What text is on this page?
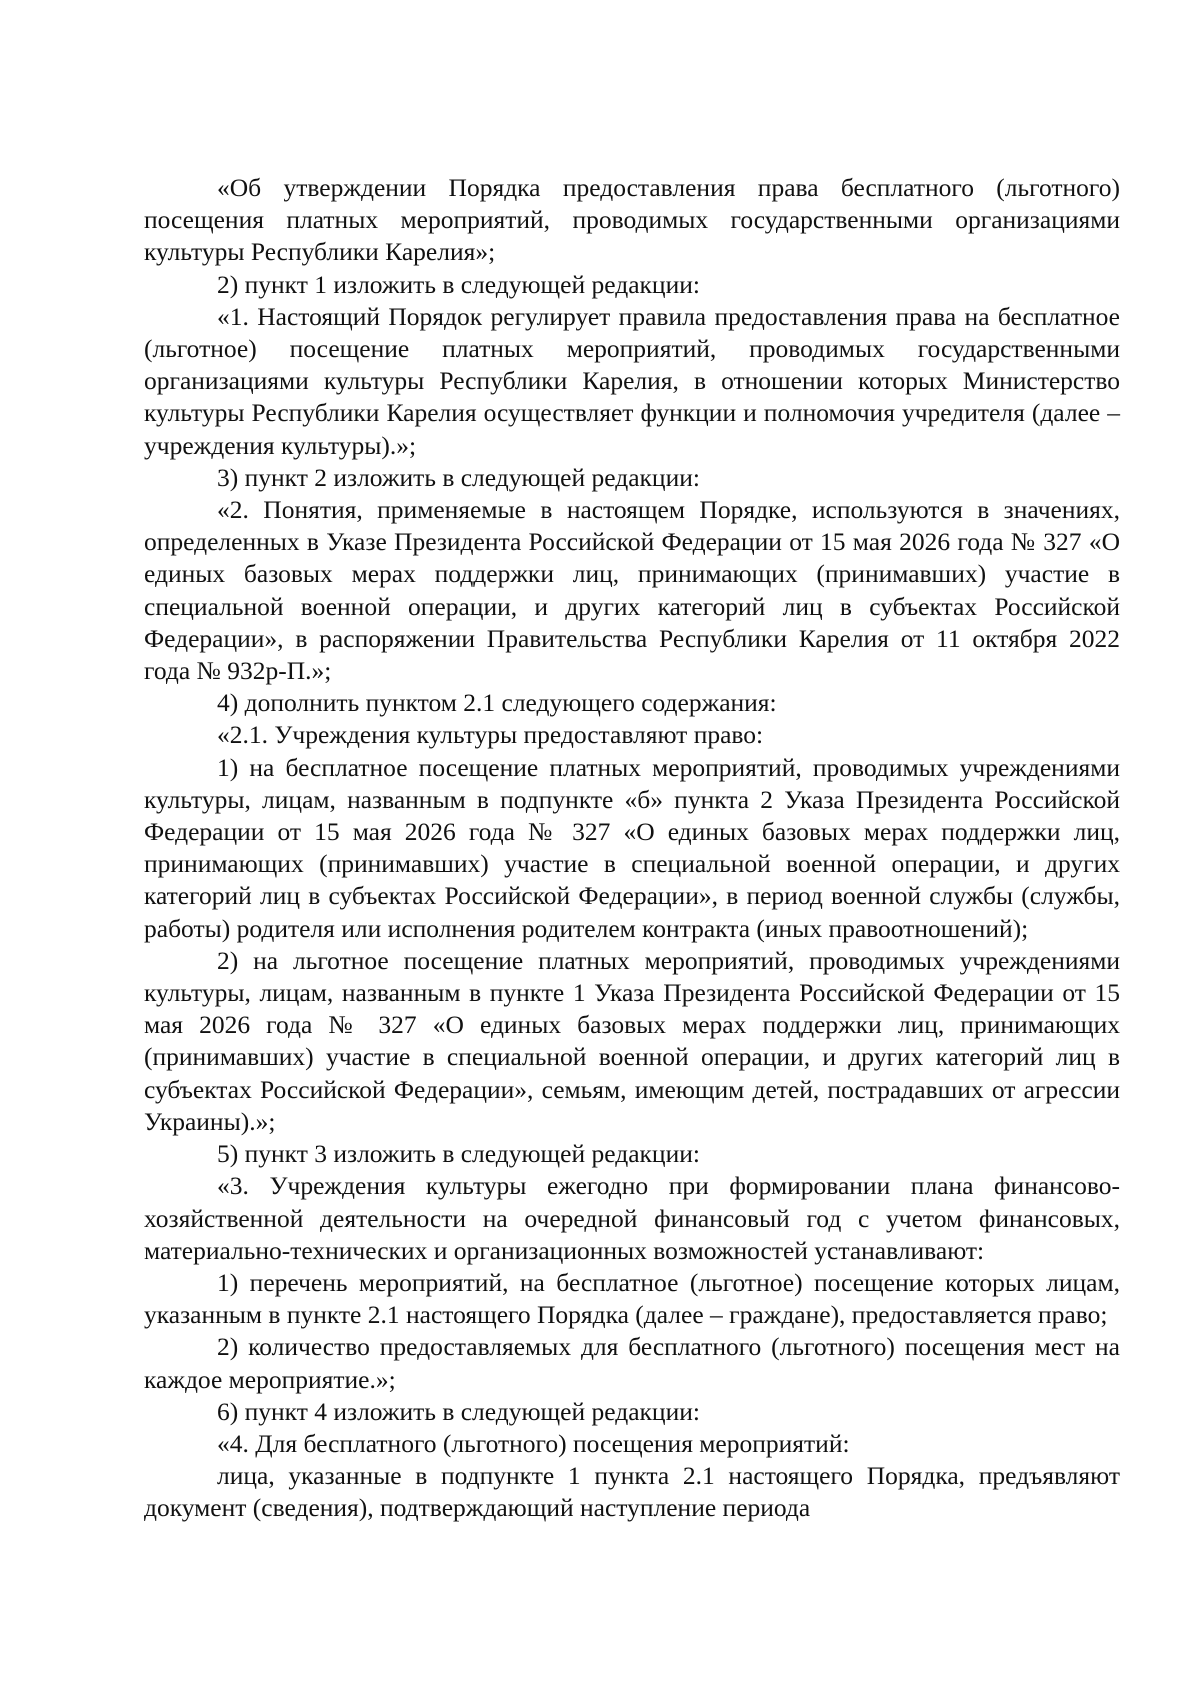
«Об утверждении Порядка предоставления права бесплатного (льготного) посещения платных мероприятий, проводимых государственными организациями культуры Республики Карелия»;

2) пункт 1 изложить в следующей редакции:

«1. Настоящий Порядок регулирует правила предоставления права на бесплатное (льготное) посещение платных мероприятий, проводимых государственными организациями культуры Республики Карелия, в отношении которых Министерство культуры Республики Карелия осуществляет функции и полномочия учредителя (далее – учреждения культуры).»;

3) пункт 2 изложить в следующей редакции:

«2. Понятия, применяемые в настоящем Порядке, используются в значениях, определенных в Указе Президента Российской Федерации от 15 мая 2026 года № 327 «О единых базовых мерах поддержки лиц, принимающих (принимавших) участие в специальной военной операции, и других категорий лиц в субъектах Российской Федерации», в распоряжении Правительства Республики Карелия от 11 октября 2022 года № 932р-П.»;

4) дополнить пунктом 2.1 следующего содержания:

«2.1. Учреждения культуры предоставляют право:

1) на бесплатное посещение платных мероприятий, проводимых учреждениями культуры, лицам, названным в подпункте «б» пункта 2 Указа Президента Российской Федерации от 15 мая 2026 года № 327 «О единых базовых мерах поддержки лиц, принимающих (принимавших) участие в специальной военной операции, и других категорий лиц в субъектах Российской Федерации», в период военной службы (службы, работы) родителя или исполнения родителем контракта (иных правоотношений);

2) на льготное посещение платных мероприятий, проводимых учреждениями культуры, лицам, названным в пункте 1 Указа Президента Российской Федерации от 15 мая 2026 года № 327 «О единых базовых мерах поддержки лиц, принимающих (принимавших) участие в специальной военной операции, и других категорий лиц в субъектах Российской Федерации», семьям, имеющим детей, пострадавших от агрессии Украины).»;

5) пункт 3 изложить в следующей редакции:

«3. Учреждения культуры ежегодно при формировании плана финансово-хозяйственной деятельности на очередной финансовый год с учетом финансовых, материально-технических и организационных возможностей устанавливают:

1) перечень мероприятий, на бесплатное (льготное) посещение которых лицам, указанным в пункте 2.1 настоящего Порядка (далее – граждане), предоставляется право;

2) количество предоставляемых для бесплатного (льготного) посещения мест на каждое мероприятие.»;

6) пункт 4 изложить в следующей редакции:

«4. Для бесплатного (льготного) посещения мероприятий:

лица, указанные в подпункте 1 пункта 2.1 настоящего Порядка, предъявляют документ (сведения), подтверждающий наступление периода
